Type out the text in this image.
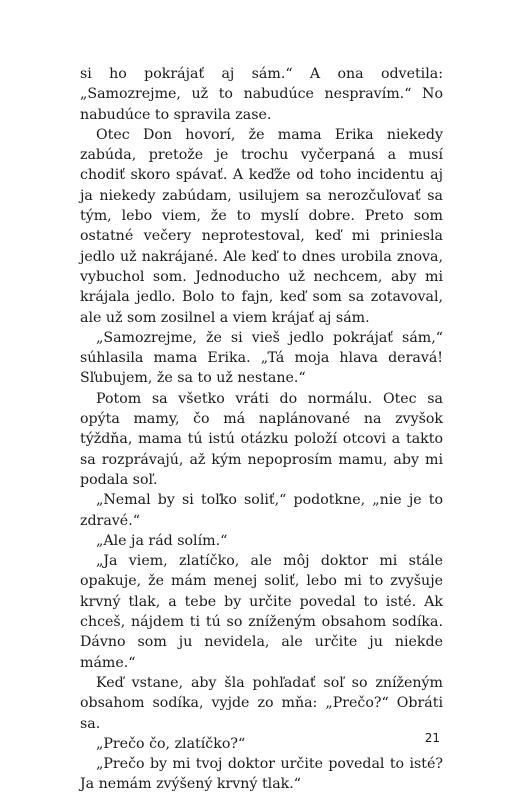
si ho pokrájať aj sám.“ A ona odvetila: „Samozrejme, už to nabudúce nespravím.“ No nabudúce to spravila zase.

Otec Don hovorí, že mama Erika niekedy zabúda, pretože je trochu vyčerpaná a musí chodiť skoro spávať. A keďže od toho incidentu aj ja niekedy zabúdam, usilujem sa nerozčuľovať sa tým, lebo viem, že to myslí dobre. Preto som ostatné večery neprotestoval, keď mi priniesla jedlo už nakrájané. Ale keď to dnes urobila znova, vybuchol som. Jednoducho už nechcem, aby mi krájala jedlo. Bolo to fajn, keď som sa zotavoval, ale už som zosilnel a viem krájať aj sám.

„Samozrejme, že si vieš jedlo pokrájať sám,“ súhlasila mama Erika. „Tá moja hlava deravá! Sľubujem, že sa to už nestane.“

Potom sa všetko vráti do normálu. Otec sa opýta mamy, čo má naplánované na zvyšok týždňa, mama tú istú otázku položí otcovi a takto sa rozprávajú, až kým nepoprosím mamu, aby mi podala soľ.

„Nemal by si toľko soliť,“ podotkne, „nie je to zdravé.“

„Ale ja rád solím.“

„Ja viem, zlatíčko, ale môj doktor mi stále opakuje, že mám menej soliť, lebo mi to zvyšuje krvný tlak, a tebe by určite povedal to isté. Ak chceš, nájdem ti tú so zníženým obsahom sodíka. Dávno som ju nevidela, ale určite ju niekde máme.“

Keď vstane, aby šla pohľadať soľ so zníženým obsahom sodíka, vyjde zo mňa: „Prečo?“ Obráti sa.

„Prečo čo, zlatíčko?“

„Prečo by mi tvoj doktor určite povedal to isté? Ja nemám zvýšený krvný tlak.“

21
